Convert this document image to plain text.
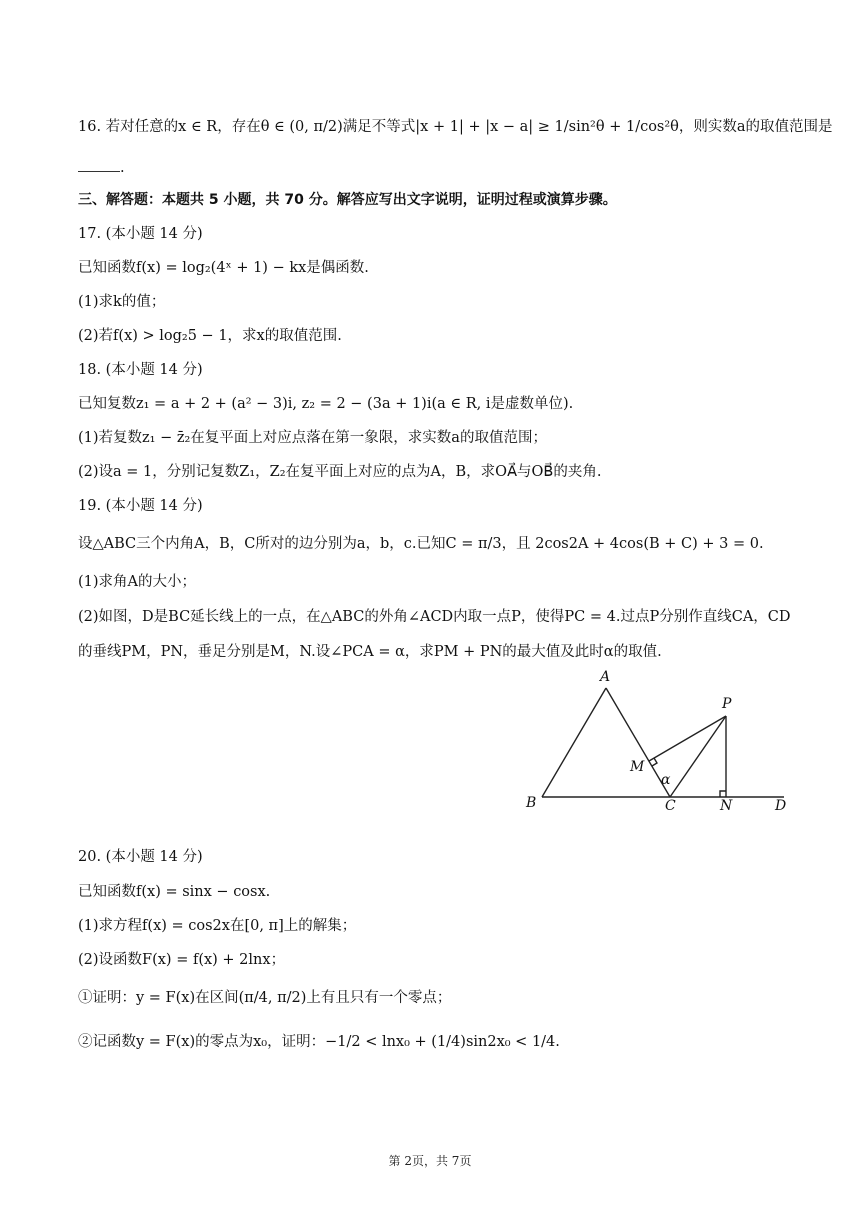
16. 若对任意的x ∈ R，存在θ ∈ (0, π/2)满足不等式|x + 1| + |x − a| ≥ 1/sin²θ + 1/cos²θ，则实数a的取值范围是
.
三、解答题：本题共 5 小题，共 70 分。解答应写出文字说明，证明过程或演算步骤。
17. (本小题 14 分)
已知函数f(x) = log₂(4ˣ + 1) − kx是偶函数.
(1)求k的值；
(2)若f(x) > log₂5 − 1，求x的取值范围.
18. (本小题 14 分)
已知复数z₁ = a + 2 + (a² − 3)i, z₂ = 2 − (3a + 1)i(a ∈ R, i是虚数单位).
(1)若复数z₁ − z̄₂在复平面上对应点落在第一象限，求实数a的取值范围；
(2)设a = 1，分别记复数Z₁，Z₂在复平面上对应的点为A，B，求OA⃗与OB⃗的夹角.
19. (本小题 14 分)
设△ABC三个内角A，B，C所对的边分别为a，b，c.已知C = π/3，且 2cos2A + 4cos(B + C) + 3 = 0.
(1)求角A的大小；
(2)如图，D是BC延长线上的一点，在△ABC的外角∠ACD内取一点P，使得PC = 4.过点P分别作直线CA，CD
的垂线PM，PN，垂足分别是M，N.设∠PCA = α，求PM + PN的最大值及此时α的取值.
A
B	C	D
M
N
P
α
20. (本小题 14 分)
已知函数f(x) = sinx − cosx.
(1)求方程f(x) = cos2x在[0, π]上的解集；
(2)设函数F(x) = f(x) + 2lnx；
①证明：y = F(x)在区间(π/4, π/2)上有且只有一个零点；
②记函数y = F(x)的零点为x₀，证明：−1/2 < lnx₀ + (1/4)sin2x₀ < 1/4.
第 2页，共 7页
